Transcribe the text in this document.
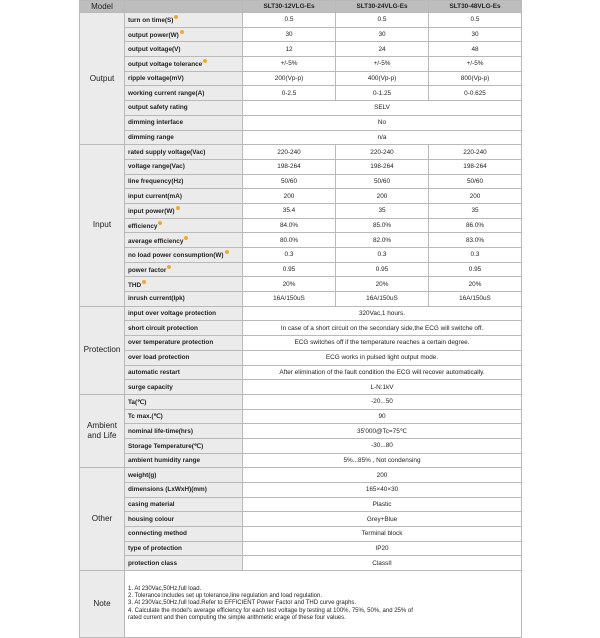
Model		SLT30-12VLG-Es	SLT30-24VLG-Es	SLT30-48VLG-Es
Output	turn on time(S)	0.5	0.5	0.5
	output power(W)	30	30	30
	output voltage(V)	12	24	48
	output voltage tolerance	+/-5%	+/-5%	+/-5%
	ripple voltage(mV)	200(Vp-p)	400(Vp-p)	800(Vp-p)
	working current range(A)	0-2.5	0-1.25	0-0.625
	output safety rating	SELV		
	dimming interface	No		
	dimming range	n/a		
Input	rated supply voltage(Vac)	220-240	220-240	220-240
	voltage range(Vac)	198-264	198-264	198-264
	line frequency(Hz)	50/60	50/60	50/60
	input current(mA)	200	200	200
	input power(W)	35.4	35	35
	efficiency	84.0%	85.0%	86.0%
	average efficiency	80.0%	82.0%	83.0%
	no load power consumption(W)	0.3	0.3	0.3
	power factor	0.95	0.95	0.95
	THD	20%	20%	20%
	inrush current(Ipk)	16A/150uS	16A/150uS	16A/150uS
Protection	input over voltage protection	320Vac,1 hours.		
	short circuit protection	In case of a short circuit on the secondary side,the ECG will switche off.		
	over temperature protection	ECG switches off if the temperature reaches a certain degree.		
	over load protection	ECG works in pulsed light output mode.		
	automatic restart	After elimination of the fault condition the ECG will recover automatically.		
	surge capacity	L-N:1kV		
Ambient and Life	Ta(℃)	-20...50		
	Tc max.(℃)	90		
	nominal life-time(hrs)	35'000@Tc=75℃		
	Storage Temperature(℃)	-30...80		
	ambient humidity range	5%...85% , Not condensing		
Other	weight(g)	200		
	dimensions (LxWxH)(mm)	165×40×30		
	casing material	Plastic		
	housing colour	Grey+Blue		
	connecting method	Terminal block		
	type of protection	IP20		
	protection class	ClassII		
Note	1. At 230Vac,50Hz,full load.
2. Tolerance:includes set up tolerance,line regulation and load regulation.
3. At 230Vac,50Hz,full load.Refer to EFFICIENT Power Factor and THD curve graphs.
4. Calculate the model's average efficiency for each test voltage by testing at 100%, 75%, 50%, and 25% of
rated current and then computing the simple arithmetic erage of these four values.			
